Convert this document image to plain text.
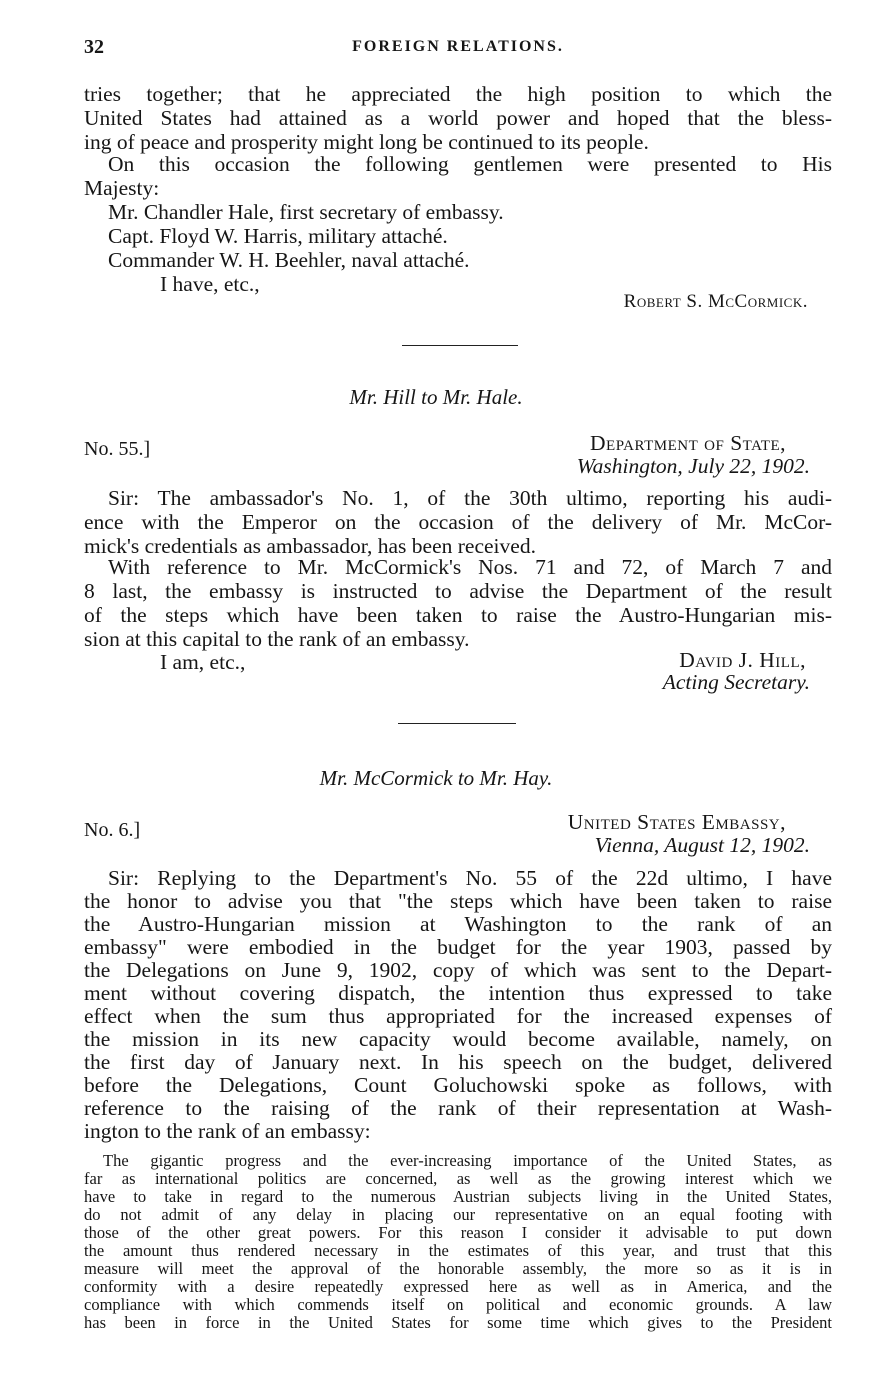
32	FOREIGN RELATIONS.
tries together; that he appreciated the high position to which the
United States had attained as a world power and hoped that the bless-
ing of peace and prosperity might long be continued to its people.
On this occasion the following gentlemen were presented to His
Majesty:
Mr. Chandler Hale, first secretary of embassy.
Capt. Floyd W. Harris, military attaché.
Commander W. H. Beehler, naval attaché.
I have, etc.,
Robert S. McCormick.
Mr. Hill to Mr. Hale.
No. 55.]	Department of State,
Washington, July 22, 1902.
Sir: The ambassador's No. 1, of the 30th ultimo, reporting his audi-
ence with the Emperor on the occasion of the delivery of Mr. McCor-
mick's credentials as ambassador, has been received.
With reference to Mr. McCormick's Nos. 71 and 72, of March 7 and
8 last, the embassy is instructed to advise the Department of the result
of the steps which have been taken to raise the Austro-Hungarian mis-
sion at this capital to the rank of an embassy.
I am, etc.,	David J. Hill,
Acting Secretary.
Mr. McCormick to Mr. Hay.
No. 6.]	United States Embassy,
Vienna, August 12, 1902.
Sir: Replying to the Department's No. 55 of the 22d ultimo, I have
the honor to advise you that "the steps which have been taken to raise
the Austro-Hungarian mission at Washington to the rank of an
embassy" were embodied in the budget for the year 1903, passed by
the Delegations on June 9, 1902, copy of which was sent to the Depart-
ment without covering dispatch, the intention thus expressed to take
effect when the sum thus appropriated for the increased expenses of
the mission in its new capacity would become available, namely, on
the first day of January next. In his speech on the budget, delivered
before the Delegations, Count Goluchowski spoke as follows, with
reference to the raising of the rank of their representation at Wash-
ington to the rank of an embassy:
The gigantic progress and the ever-increasing importance of the United States, as
far as international politics are concerned, as well as the growing interest which we
have to take in regard to the numerous Austrian subjects living in the United States,
do not admit of any delay in placing our representative on an equal footing with
those of the other great powers. For this reason I consider it advisable to put down
the amount thus rendered necessary in the estimates of this year, and trust that this
measure will meet the approval of the honorable assembly, the more so as it is in
conformity with a desire repeatedly expressed here as well as in America, and the
compliance with which commends itself on political and economic grounds. A law
has been in force in the United States for some time which gives to the President
